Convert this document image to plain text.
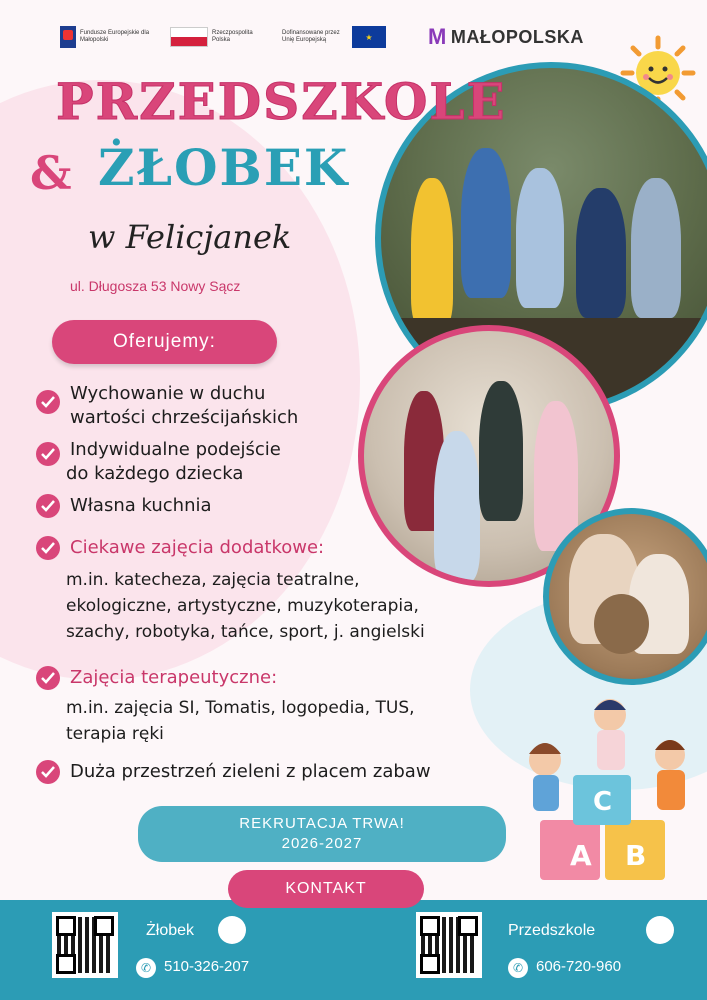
Fundusze Europejskie dla Małopolski
Rzeczpospolita Polska
Dofinansowane przez Unię Europejską	★	M MAŁOPOLSKA
PRZEDSZKOLE
& ŻŁOBEK
w Felicjanek
ul. Długosza 53 Nowy Sącz
Oferujemy:
Wychowanie w duchu
wartości chrześcijańskich
Indywidualne podejście
do każdego dziecka
Własna kuchnia
Ciekawe zajęcia dodatkowe:
m.in. katecheza, zajęcia teatralne,
ekologiczne, artystyczne, muzykoterapia,
szachy, robotyka, tańce, sport, j. angielski
Zajęcia terapeutyczne:
m.in. zajęcia SI, Tomatis, logopedia, TUS,
terapia ręki
Duża przestrzeń zieleni z placem zabaw
A B
C
REKRUTACJA TRWA!
2026-2027
KONTAKT
Żłobek
✆ 510-326-207
Przedszkole
✆ 606-720-960
